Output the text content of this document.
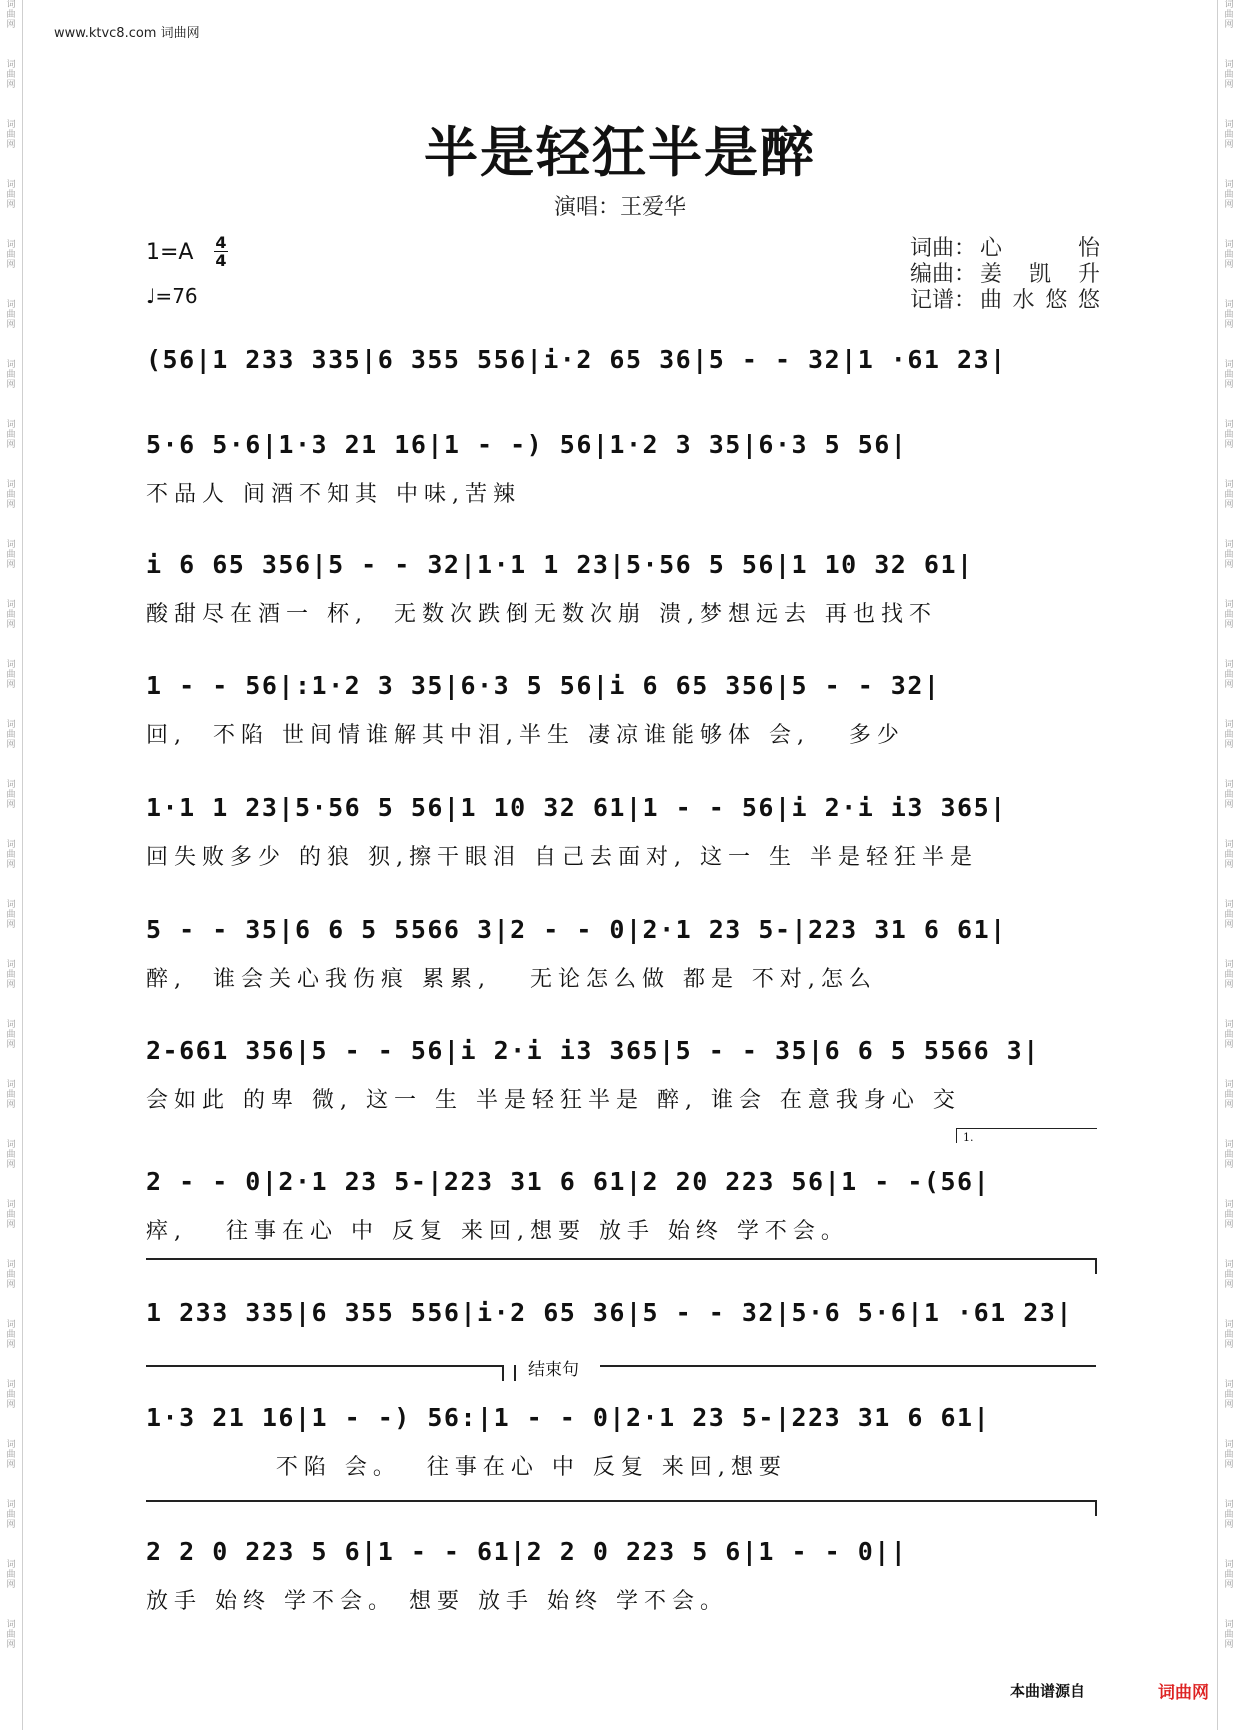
词
曲
网
词
曲
网
词
曲
网
词
曲
网
词
曲
网
词
曲
网
词
曲
网
词
曲
网
词
曲
网
词
曲
网
词
曲
网
词
曲
网
词
曲
网
词
曲
网
词
曲
网
词
曲
网
词
曲
网
词
曲
网
词
曲
网
词
曲
网
词
曲
网
词
曲
网
词
曲
网
词
曲
网
词
曲
网
词
曲
网
词
曲
网
词
曲
网
词
曲
网
词
曲
网
词
曲
网
词
曲
网
词
曲
网
词
曲
网
词
曲
网
词
曲
网
词
曲
网
词
曲
网
词
曲
网
词
曲
网
词
曲
网
词
曲
网
词
曲
网
词
曲
网
词
曲
网
词
曲
网
词
曲
网
词
曲
网
词
曲
网
词
曲
网
词
曲
网
词
曲
网
词
曲
网
词
曲
网
词
曲
网
词
曲
网
www.ktvc8.com 词曲网
半是轻狂半是醉
演唱：王爱华
1=A 4
4
♩=76
词曲： 心怡
编曲： 姜凯升
记谱： 曲水悠悠
(56|1 233 335|6 355 556|i·2 65 36|5 - - 32|1 ·61 23|
5·6 5·6|1·3 21 16|1 - -) 56|1·2 3 35|6·3 5 56|
不品人 间酒不知其 中味,苦辣
i 6 65 356|5 - - 32|1·1 1 23|5·56 5 56|1 10 32 61|
酸甜尽在酒一 杯,  无数次跌倒无数次崩 溃,梦想远去 再也找不
1 - - 56|:1·2 3 35|6·3 5 56|i 6 65 356|5 - - 32|
回,  不陷 世间情谁解其中泪,半生 凄凉谁能够体 会,   多少
1·1 1 23|5·56 5 56|1 10 32 61|1 - - 56|i 2·i i3 365|
回失败多少 的狼 狈,擦干眼泪 自己去面对, 这一 生 半是轻狂半是
5 - - 35|6 6 5 5566 3|2 - - 0|2·1 23 5-|223 31 6 61|
醉,  谁会关心我伤痕 累累,   无论怎么做 都是 不对,怎么
2-661 356|5 - - 56|i 2·i i3 365|5 - - 35|6 6 5 5566 3|
会如此 的卑 微, 这一 生 半是轻狂半是 醉, 谁会 在意我身心 交
1.
2 - - 0|2·1 23 5-|223 31 6 61|2 20 223 56|1 - -(56|
瘁,   往事在心 中 反复 来回,想要 放手 始终 学不会。
1 233 335|6 355 556|i·2 65 36|5 - - 32|5·6 5·6|1 ·61 23|
结束句
1·3 21 16|1 - -) 56:|1 - - 0|2·1 23 5-|223 31 6 61|
不陷 会。  往事在心 中 反复 来回,想要
2 2 0 223 5 6|1 - - 61|2 2 0 223 5 6|1 - - 0||
放手 始终 学不会。 想要 放手 始终 学不会。
本曲谱源自	词曲网
